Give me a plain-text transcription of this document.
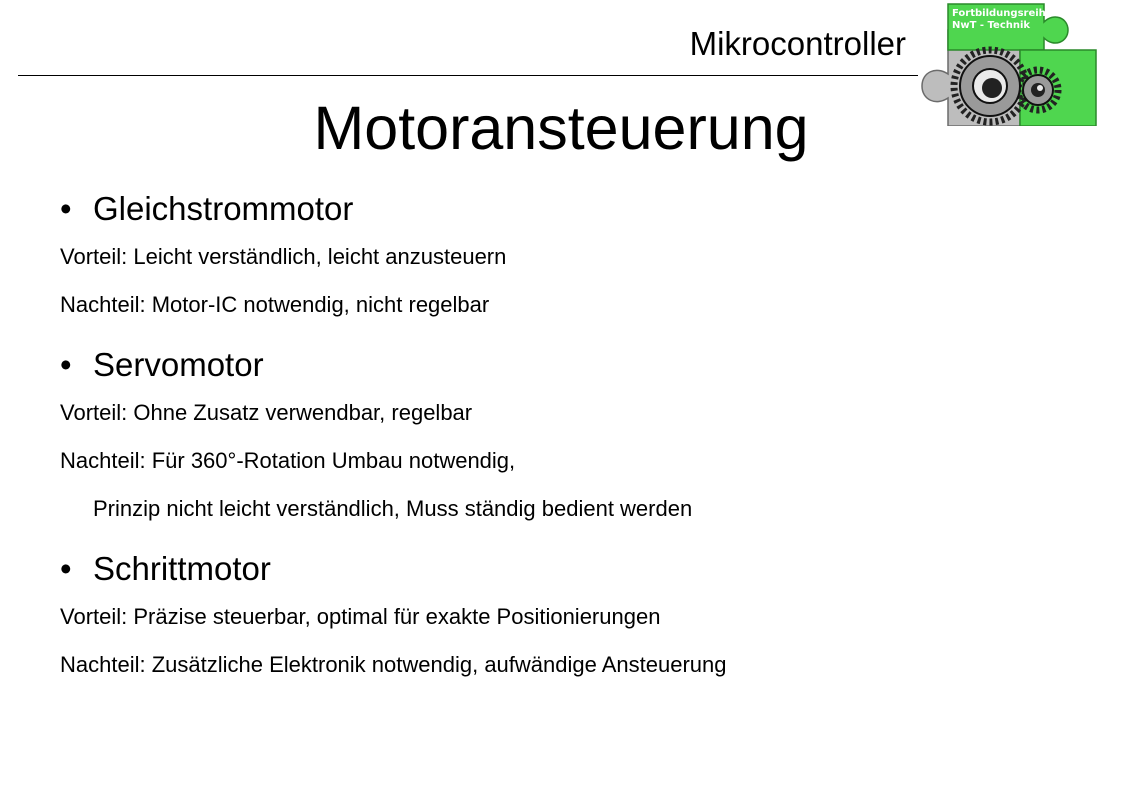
Mikrocontroller
Fortbildungsreihe
NwT - Technik
Motoransteuerung
• Gleichstrommotor
Vorteil: Leicht verständlich, leicht anzusteuern
Nachteil: Motor-IC notwendig, nicht regelbar
• Servomotor
Vorteil: Ohne Zusatz verwendbar, regelbar
Nachteil: Für 360°-Rotation Umbau notwendig,
Prinzip nicht leicht verständlich, Muss ständig bedient werden
• Schrittmotor
Vorteil: Präzise steuerbar, optimal für exakte Positionierungen
Nachteil: Zusätzliche Elektronik notwendig, aufwändige Ansteuerung
